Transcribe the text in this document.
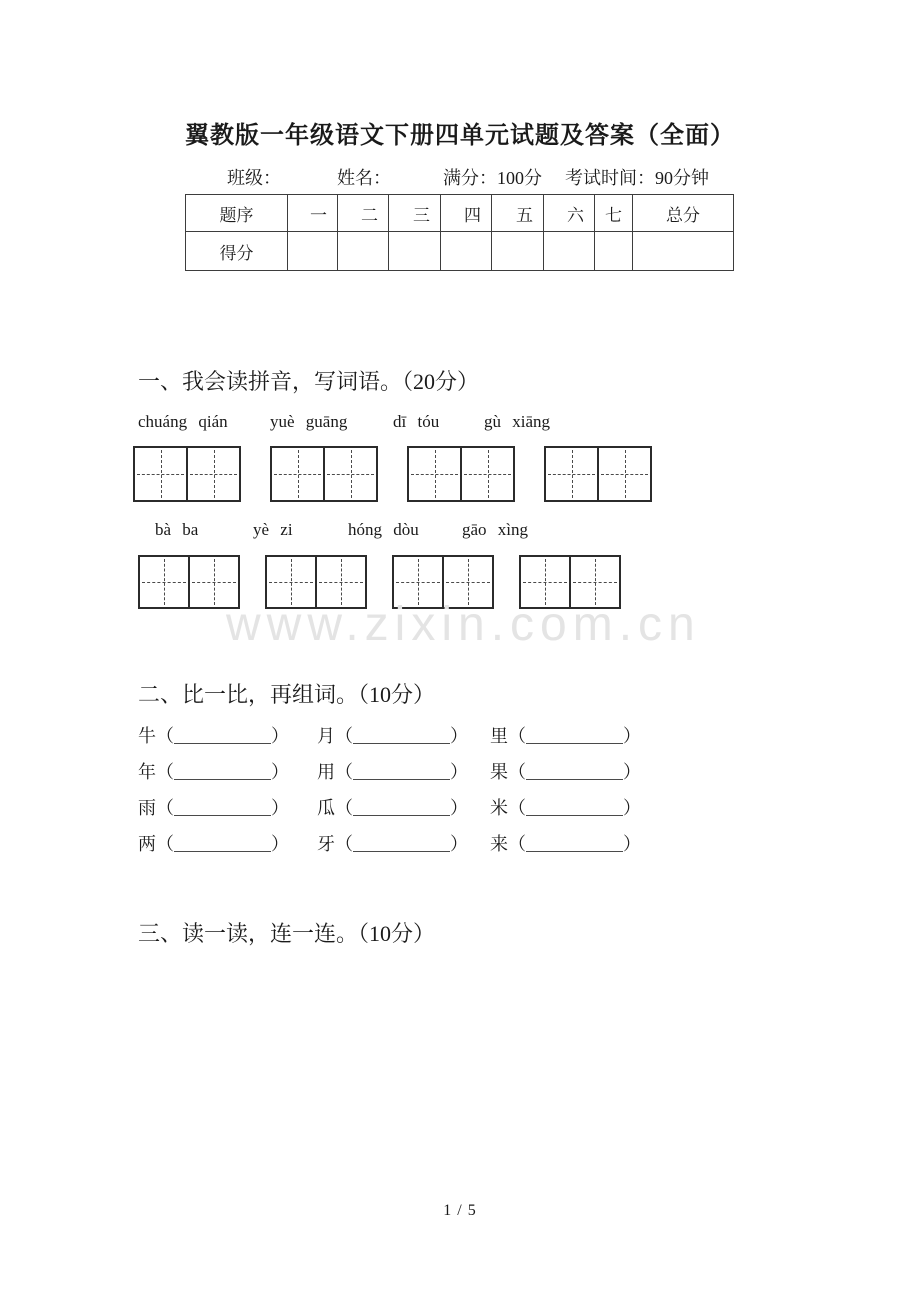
翼教版一年级语文下册四单元试题及答案（全面）
班级：	姓名：	满分：100分 考试时间：90分钟
题序	一	二	三	四	五	六	七	总分
得分								
一、我会读拼音，写词语。（20分）
chuáng qián yuè guāng	dī tóu	gù xiāng
bà ba	yè zi	hóng dòu	gāo xìng
www.zixin.com.cn
二、比一比，再组词。（10分）
牛（	） 月（	） 里（	）
年（	） 用（	） 果（	）
雨（	） 瓜（	） 米（	）
两（	） 牙（	） 来（	）
三、读一读，连一连。（10分）
1 / 5
